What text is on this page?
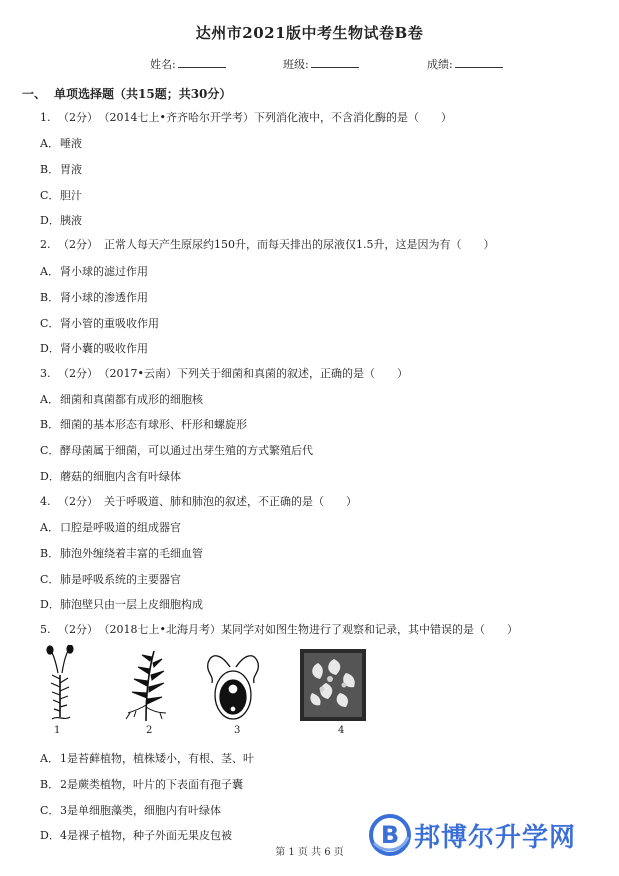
达州市2021版中考生物试卷B卷
姓名:	班级:	成绩:
一、 单项选择题（共15题；共30分）
1. （2分） （2014七上•齐齐哈尔开学考）下列消化液中，不含消化酶的是（　　）
A．唾液
B．胃液
C．胆汁
D．胰液
2. （2分） 正常人每天产生原尿约150升，而每天排出的尿液仅1.5升，这是因为有（　　）
A．肾小球的滤过作用
B．肾小球的渗透作用
C．肾小管的重吸收作用
D．肾小囊的吸收作用
3. （2分） （2017•云南）下列关于细菌和真菌的叙述，正确的是（　　）
A．细菌和真菌都有成形的细胞核
B．细菌的基本形态有球形、杆形和螺旋形
C．酵母菌属于细菌，可以通过出芽生殖的方式繁殖后代
D．蘑菇的细胞内含有叶绿体
4. （2分） 关于呼吸道、肺和肺泡的叙述，不正确的是（　　）
A．口腔是呼吸道的组成器官
B．肺泡外缠绕着丰富的毛细血管
C．肺是呼吸系统的主要器官
D．肺泡壁只由一层上皮细胞构成
5. （2分） （2018七上•北海月考）某同学对如图生物进行了观察和记录，其中错误的是（　　）
1	2	3	4
A．1是苔藓植物，植株矮小，有根、茎、叶
B．2是蕨类植物，叶片的下表面有孢子囊
C．3是单细胞藻类，细胞内有叶绿体
D．4是裸子植物，种子外面无果皮包被
第 1 页 共 6 页
B 邦博尔升学网
